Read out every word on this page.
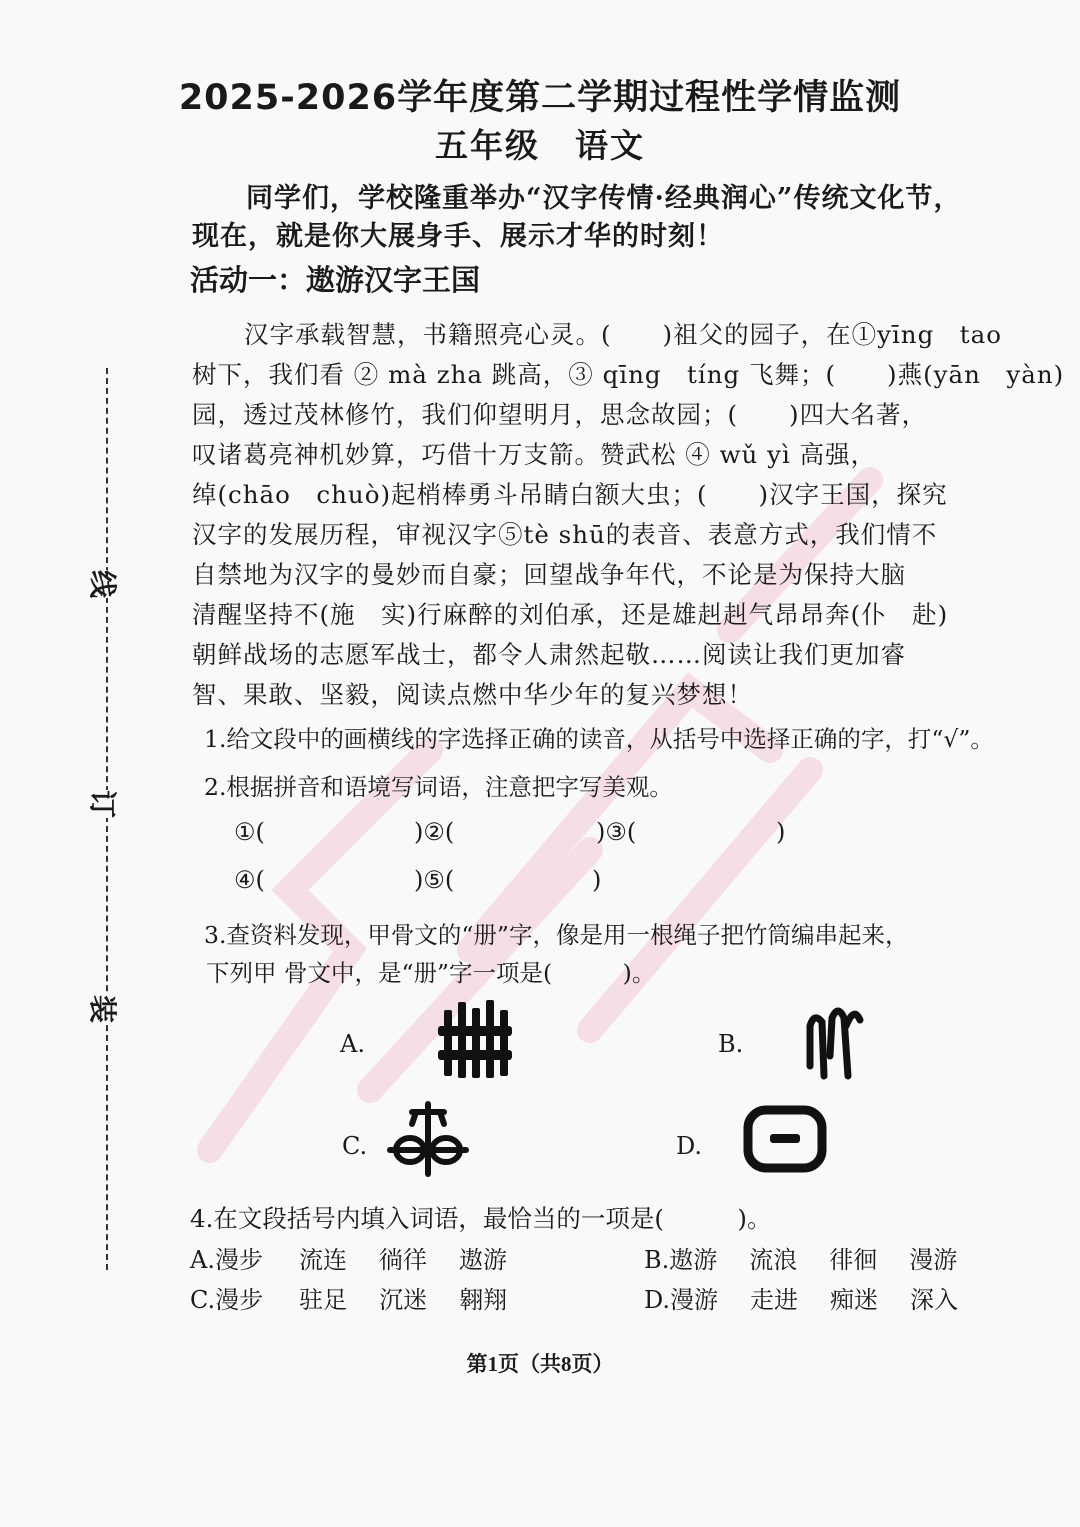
线
订
装
2025-2026学年度第二学期过程性学情监测
五年级　语文
同学们，学校隆重举办“汉字传情·经典润心”传统文化节，
现在，就是你大展身手、展示才华的时刻！
活动一：遨游汉字王国
汉字承载智慧，书籍照亮心灵。(　　)祖父的园子，在①yīng　tao
树下，我们看 ② mà zha 跳高，③ qīng　tíng 飞舞；(　　)燕(yān　yàn)
园，透过茂林修竹，我们仰望明月，思念故园；(　　)四大名著，
叹诸葛亮神机妙算，巧借十万支箭。赞武松 ④ wǔ yì 高强，
绰(chāo　chuò)起梢棒勇斗吊睛白额大虫；(　　)汉字王国，探究
汉字的发展历程，审视汉字⑤tè shū的表音、表意方式，我们情不
自禁地为汉字的曼妙而自豪；回望战争年代，不论是为保持大脑
清醒坚持不(施　实)行麻醉的刘伯承，还是雄赳赳气昂昂奔(仆　赴)
朝鲜战场的志愿军战士，都令人肃然起敬……阅读让我们更加睿
智、果敢、坚毅，阅读点燃中华少年的复兴梦想！
1.给文段中的画横线的字选择正确的读音，从括号中选择正确的字，打“√”。
2.根据拼音和语境写词语，注意把字写美观。
①(	)②(	)③(	)
④(	)⑤(	)
3.查资料发现，甲骨文的“册”字，像是用一根绳子把竹筒编串起来，
下列甲 骨文中，是“册”字一项是(　　　)。
A.	B.
C.	D.
4.在文段括号内填入词语，最恰当的一项是(　　　)。
A.漫步 流连 徜徉 遨游	B.遨游 流浪 徘徊 漫游
C.漫步 驻足 沉迷 翱翔	D.漫游 走进 痴迷 深入
第1页（共8页）
